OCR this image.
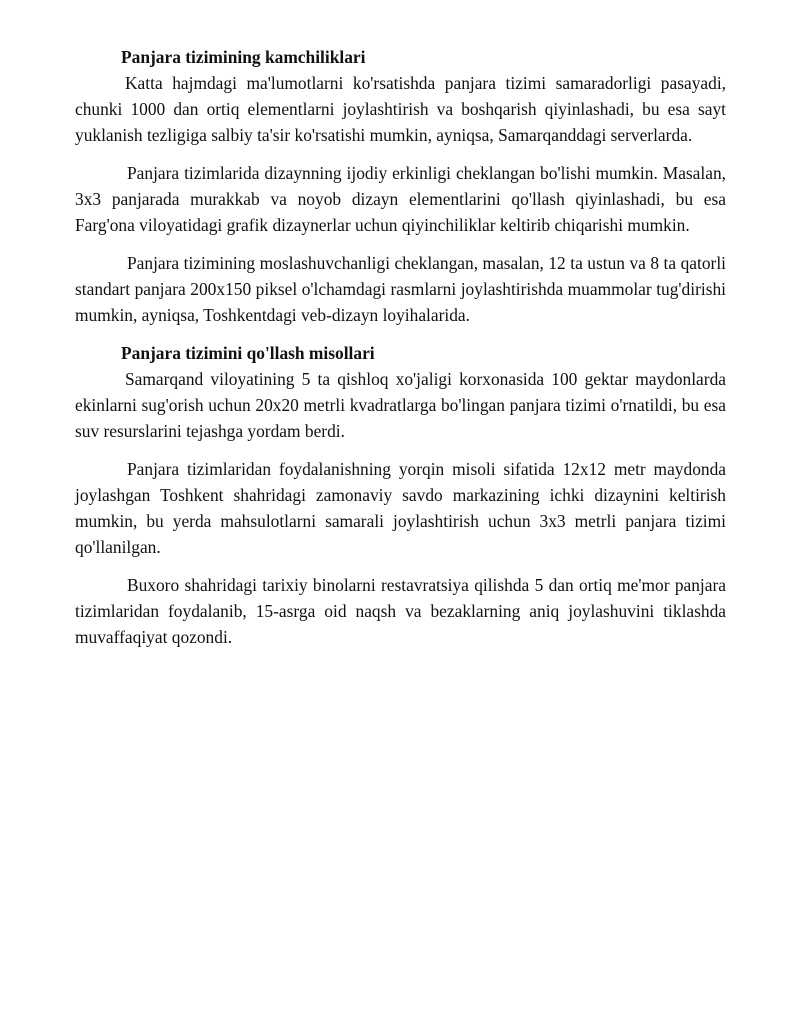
Panjara tizimining kamchiliklari

Katta hajmdagi ma'lumotlarni ko'rsatishda panjara tizimi samaradorligi pasayadi, chunki 1000 dan ortiq elementlarni joylashtirish va boshqarish qiyinlashadi, bu esa sayt yuklanish tezligiga salbiy ta'sir ko'rsatishi mumkin, ayniqsa, Samarqanddagi serverlarda.

Panjara tizimlarida dizaynning ijodiy erkinligi cheklangan bo'lishi mumkin. Masalan, 3x3 panjarada murakkab va noyob dizayn elementlarini qo'llash qiyinlashadi, bu esa Farg'ona viloyatidagi grafik dizaynerlar uchun qiyinchiliklar keltirib chiqarishi mumkin.

Panjara tizimining moslashuvchanligi cheklangan, masalan, 12 ta ustun va 8 ta qatorli standart panjara 200x150 piksel o'lchamdagi rasmlarni joylashtirishda muammolar tug'dirishi mumkin, ayniqsa, Toshkentdagi veb-dizayn loyihalarida.

Panjara tizimini qo'llash misollari

Samarqand viloyatining 5 ta qishloq xo'jaligi korxonasida 100 gektar maydonlarda ekinlarni sug'orish uchun 20x20 metrli kvadratlarga bo'lingan panjara tizimi o'rnatildi, bu esa suv resurslarini tejashga yordam berdi.

Panjara tizimlaridan foydalanishning yorqin misoli sifatida 12x12 metr maydonda joylashgan Toshkent shahridagi zamonaviy savdo markazining ichki dizaynini keltirish mumkin, bu yerda mahsulotlarni samarali joylashtirish uchun 3x3 metrli panjara tizimi qo'llanilgan.

Buxoro shahridagi tarixiy binolarni restavratsiya qilishda 5 dan ortiq me'mor panjara tizimlaridan foydalanib, 15-asrga oid naqsh va bezaklarning aniq joylashuvini tiklashda muvaffaqiyat qozondi.
